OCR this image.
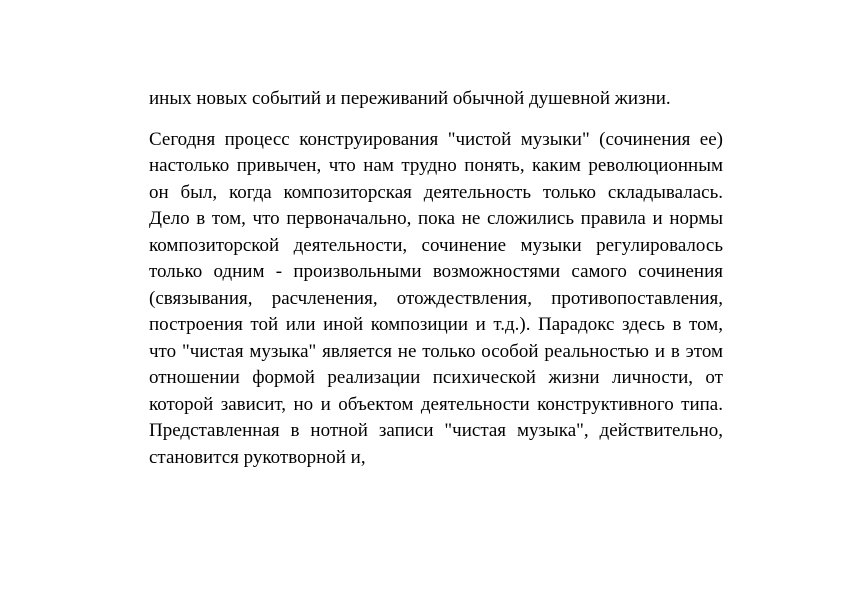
иных новых событий и переживаний обычной душевной жизни.

Сегодня процесс конструирования "чистой музыки" (сочинения ее) настолько привычен, что нам трудно понять, каким революционным он был, когда композиторская деятельность только складывалась. Дело в том, что первоначально, пока не сложились правила и нормы композиторской деятельности, сочинение музыки регулировалось только одним - произвольными возможностями самого сочинения (связывания, расчленения, отождествления, противопоставления, построения той или иной композиции и т.д.). Парадокс здесь в том, что "чистая музыка" является не только особой реальностью и в этом отношении формой реализации психической жизни личности, от которой зависит, но и объектом деятельности конструктивного типа. Представленная в нотной записи "чистая музыка", действительно, становится рукотворной и,
